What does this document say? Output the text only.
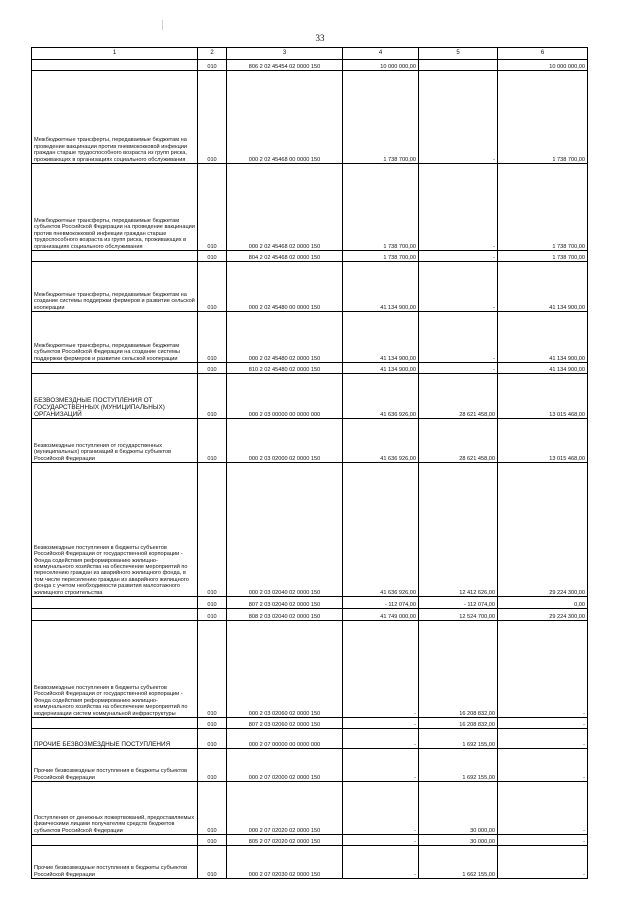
33
1	2	3	4	5	6
	010	806 2 02 45454 02 0000 150	10 000 000,00		10 000 000,00
Межбюджетные трансферты, передаваемые бюджетам на проведение вакцинации против пневмококковой инфекции граждан старше трудоспособного возраста из групп риска, проживающих в организациях социального обслуживания	010	000 2 02 45468 00 0000 150	1 738 700,00	-	1 738 700,00
Межбюджетные трансферты, передаваемые бюджетам субъектов Российской Федерации на проведение вакцинации против пневмококковой инфекции граждан старше трудоспособного возраста из групп риска, проживающих в организациях социального обслуживания	010	000 2 02 45468 02 0000 150	1 738 700,00	-	1 738 700,00
	010	804 2 02 45468 02 0000 150	1 738 700,00	-	1 738 700,00
Межбюджетные трансферты, передаваемые бюджетам на создание системы поддержки фермеров и развитие сельской кооперации	010	000 2 02 45480 00 0000 150	41 134 900,00	-	41 134 900,00
Межбюджетные трансферты, передаваемые бюджетам субъектов Российской Федерации на создание системы поддержки фермеров и развитие сельской кооперации	010	000 2 02 45480 02 0000 150	41 134 900,00	-	41 134 900,00
	010	810 2 02 45480 02 0000 150	41 134 900,00	-	41 134 900,00
БЕЗВОЗМЕЗДНЫЕ ПОСТУПЛЕНИЯ ОТ ГОСУДАРСТВЕННЫХ (МУНИЦИПАЛЬНЫХ) ОРГАНИЗАЦИЙ	010	000 2 03 00000 00 0000 000	41 636 926,00	28 621 458,00	13 015 468,00
Безвозмездные поступления от государственных (муниципальных) организаций в бюджеты субъектов Российской Федерации	010	000 2 03 02000 02 0000 150	41 636 926,00	28 621 458,00	13 015 468,00
Безвозмездные поступления в бюджеты субъектов Российской Федерации от государственной корпорации - Фонда содействия реформированию жилищно-коммунального хозяйства на обеспечение мероприятий по переселению граждан из аварийного жилищного фонда, в том числе переселению граждан из аварийного жилищного фонда с учетом необходимости развития малоэтажного жилищного строительства	010	000 2 03 02040 02 0000 150	41 636 926,00	12 412 626,00	29 224 300,00
	010	807 2 03 02040 02 0000 150	- 112 074,00	- 112 074,00	0,00
	010	808 2 03 02040 02 0000 150	41 749 000,00	12 524 700,00	29 224 300,00
Безвозмездные поступления в бюджеты субъектов Российской Федерации от государственной корпорации - Фонда содействия реформированию жилищно-коммунального хозяйства на обеспечение мероприятий по модернизации систем коммунальной инфраструктуры	010	000 2 03 02060 02 0000 150	-	16 208 832,00	-
	010	807 2 03 02060 02 0000 150	-	16 208 832,00	-
ПРОЧИЕ БЕЗВОЗМЕЗДНЫЕ ПОСТУПЛЕНИЯ	010	000 2 07 00000 00 0000 000	-	1 692 155,00	-
Прочие безвозмездные поступления в бюджеты субъектов Российской Федерации	010	000 2 07 02000 02 0000 150	-	1 692 155,00	-
Поступления от денежных пожертвований, предоставляемых физическими лицами получателям средств бюджетов субъектов Российской Федерации	010	000 2 07 02020 02 0000 150	-	30 000,00	-
	010	805 2 07 02020 02 0000 150	-	30 000,00	-
Прочие безвозмездные поступления в бюджеты субъектов Российской Федерации	010	000 2 07 02030 02 0000 150	-	1 662 155,00	-
